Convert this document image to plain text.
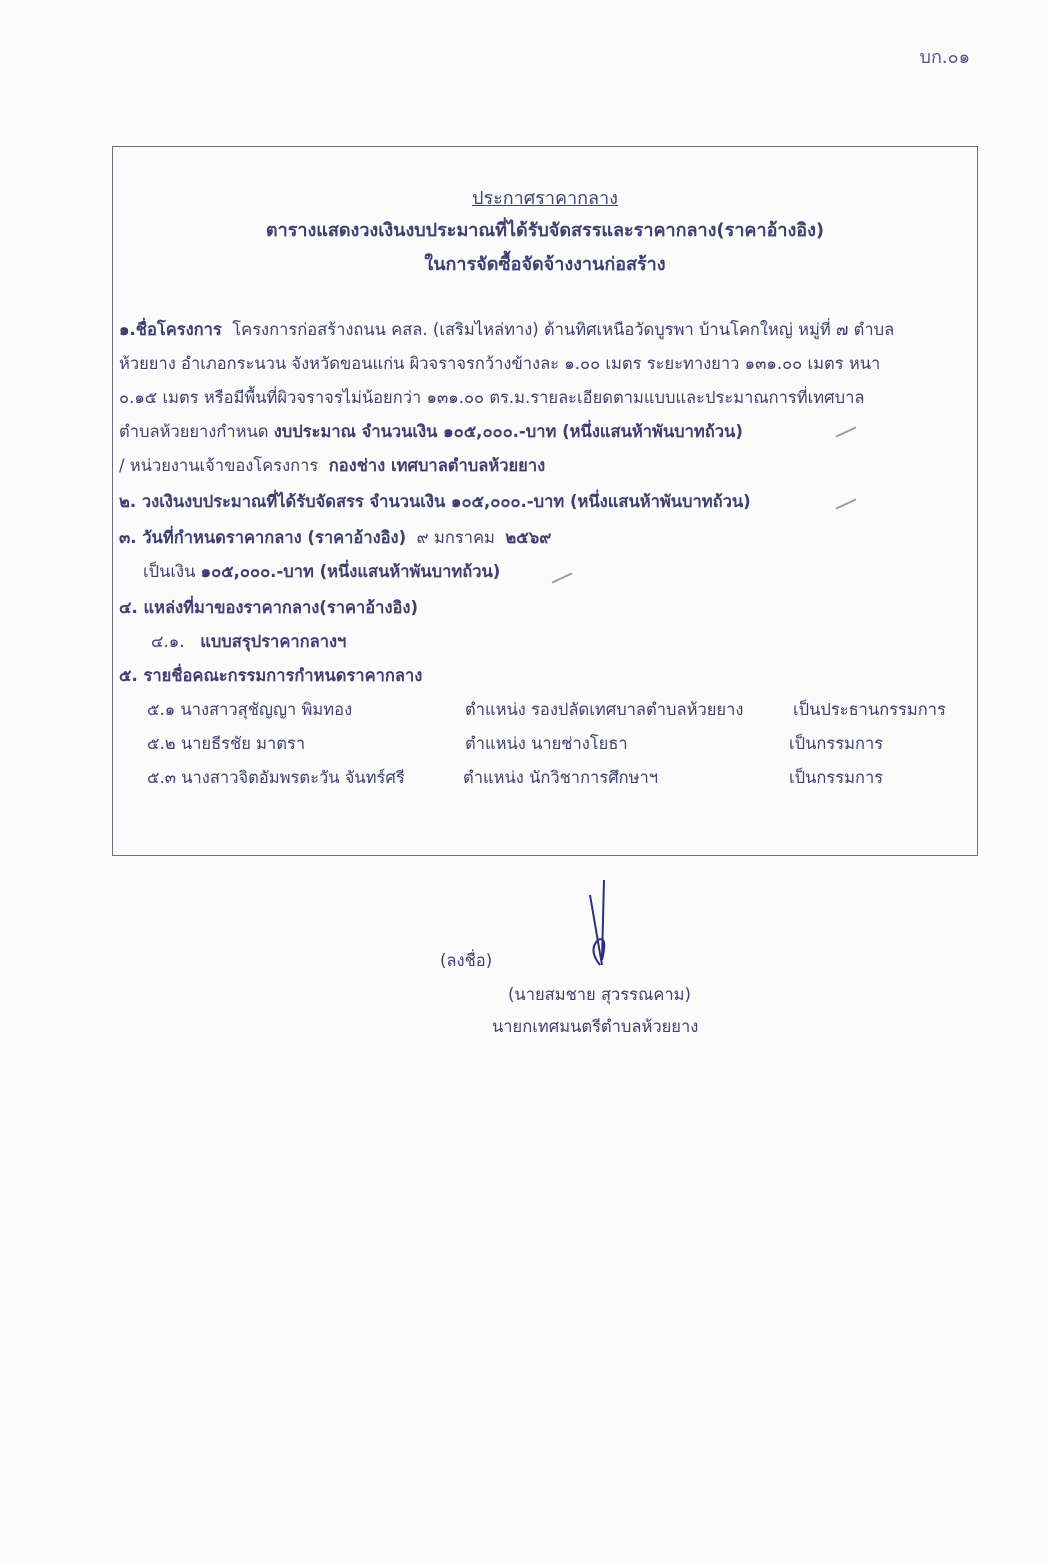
บก.๐๑
ประกาศราคากลาง
ตารางแสดงวงเงินงบประมาณที่ได้รับจัดสรรและราคากลาง(ราคาอ้างอิง)
ในการจัดซื้อจัดจ้างงานก่อสร้าง
๑.ชื่อโครงการ โครงการก่อสร้างถนน คสล. (เสริมไหล่ทาง) ด้านทิศเหนือวัดบูรพา บ้านโคกใหญ่ หมู่ที่ ๗ ตำบล
ห้วยยาง อำเภอกระนวน จังหวัดขอนแก่น ผิวจราจรกว้างข้างละ ๑.๐๐ เมตร ระยะทางยาว ๑๓๑.๐๐ เมตร หนา
๐.๑๕ เมตร หรือมีพื้นที่ผิวจราจรไม่น้อยกว่า ๑๓๑.๐๐ ตร.ม.รายละเอียดตามแบบและประมาณการที่เทศบาล
ตำบลห้วยยางกำหนด งบประมาณ จำนวนเงิน ๑๐๕,๐๐๐.-บาท (หนึ่งแสนห้าพันบาทถ้วน)
/ หน่วยงานเจ้าของโครงการ กองช่าง เทศบาลตำบลห้วยยาง
๒. วงเงินงบประมาณที่ได้รับจัดสรร จำนวนเงิน ๑๐๕,๐๐๐.-บาท (หนึ่งแสนห้าพันบาทถ้วน)
๓. วันที่กำหนดราคากลาง (ราคาอ้างอิง) ๙ มกราคม ๒๕๖๙
เป็นเงิน ๑๐๕,๐๐๐.-บาท (หนึ่งแสนห้าพันบาทถ้วน)
๔. แหล่งที่มาของราคากลาง(ราคาอ้างอิง)
๔.๑. แบบสรุปราคากลางฯ
๕. รายชื่อคณะกรรมการกำหนดราคากลาง
๕.๑ นางสาวสุชัญญา พิมทอง	ตำแหน่ง รองปลัดเทศบาลตำบลห้วยยาง	เป็นประธานกรรมการ
๕.๒ นายธีรชัย มาตรา	ตำแหน่ง นายช่างโยธา	เป็นกรรมการ
๕.๓ นางสาวจิตอัมพรตะวัน จันทร์ศรี	ตำแหน่ง นักวิชาการศึกษาฯ	เป็นกรรมการ
(ลงชื่อ)
(นายสมชาย สุวรรณคาม)
นายกเทศมนตรีตำบลห้วยยาง
